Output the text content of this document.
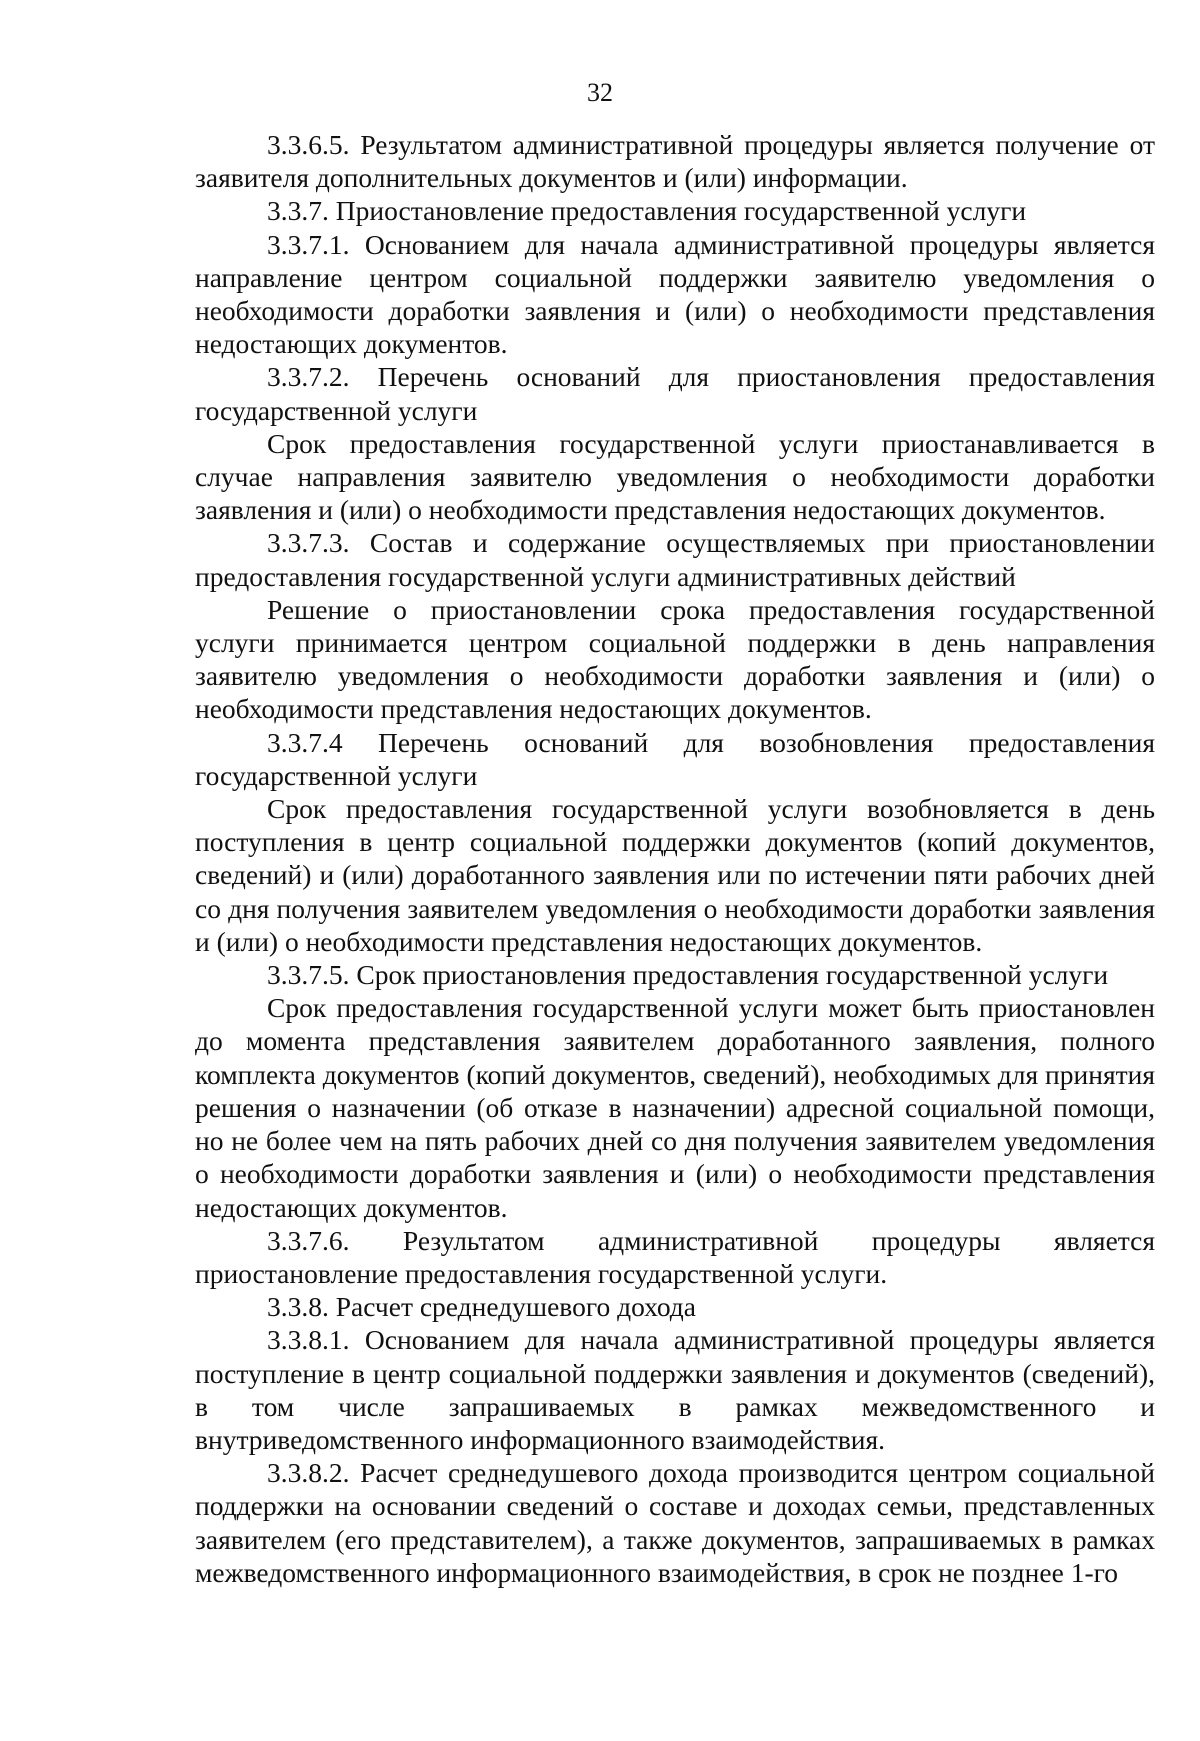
32

3.3.6.5. Результатом административной процедуры является получение от заявителя дополнительных документов и (или) информации.

3.3.7. Приостановление предоставления государственной услуги

3.3.7.1. Основанием для начала административной процедуры является направление центром социальной поддержки заявителю уведомления о необходимости доработки заявления и (или) о необходимости представления недостающих документов.

3.3.7.2. Перечень оснований для приостановления предоставления государственной услуги

Срок предоставления государственной услуги приостанавливается в случае направления заявителю уведомления о необходимости доработки заявления и (или) о необходимости представления недостающих документов.

3.3.7.3. Состав и содержание осуществляемых при приостановлении предоставления государственной услуги административных действий

Решение о приостановлении срока предоставления государственной услуги принимается центром социальной поддержки в день направления заявителю уведомления о необходимости доработки заявления и (или) о необходимости представления недостающих документов.

3.3.7.4 Перечень оснований для возобновления предоставления государственной услуги

Срок предоставления государственной услуги возобновляется в день поступления в центр социальной поддержки документов (копий документов, сведений) и (или) доработанного заявления или по истечении пяти рабочих дней со дня получения заявителем уведомления о необходимости доработки заявления и (или) о необходимости представления недостающих документов.

3.3.7.5. Срок приостановления предоставления государственной услуги

Срок предоставления государственной услуги может быть приостановлен до момента представления заявителем доработанного заявления, полного комплекта документов (копий документов, сведений), необходимых для принятия решения о назначении (об отказе в назначении) адресной социальной помощи, но не более чем на пять рабочих дней со дня получения заявителем уведомления о необходимости доработки заявления и (или) о необходимости представления недостающих документов.

3.3.7.6. Результатом административной процедуры является приостановление предоставления государственной услуги.

3.3.8. Расчет среднедушевого дохода

3.3.8.1. Основанием для начала административной процедуры является поступление в центр социальной поддержки заявления и документов (сведений), в том числе запрашиваемых в рамках межведомственного и внутриведомственного информационного взаимодействия.

3.3.8.2. Расчет среднедушевого дохода производится центром социальной поддержки на основании сведений о составе и доходах семьи, представленных заявителем (его представителем), а также документов, запрашиваемых в рамках межведомственного информационного взаимодействия, в срок не позднее 1-го
